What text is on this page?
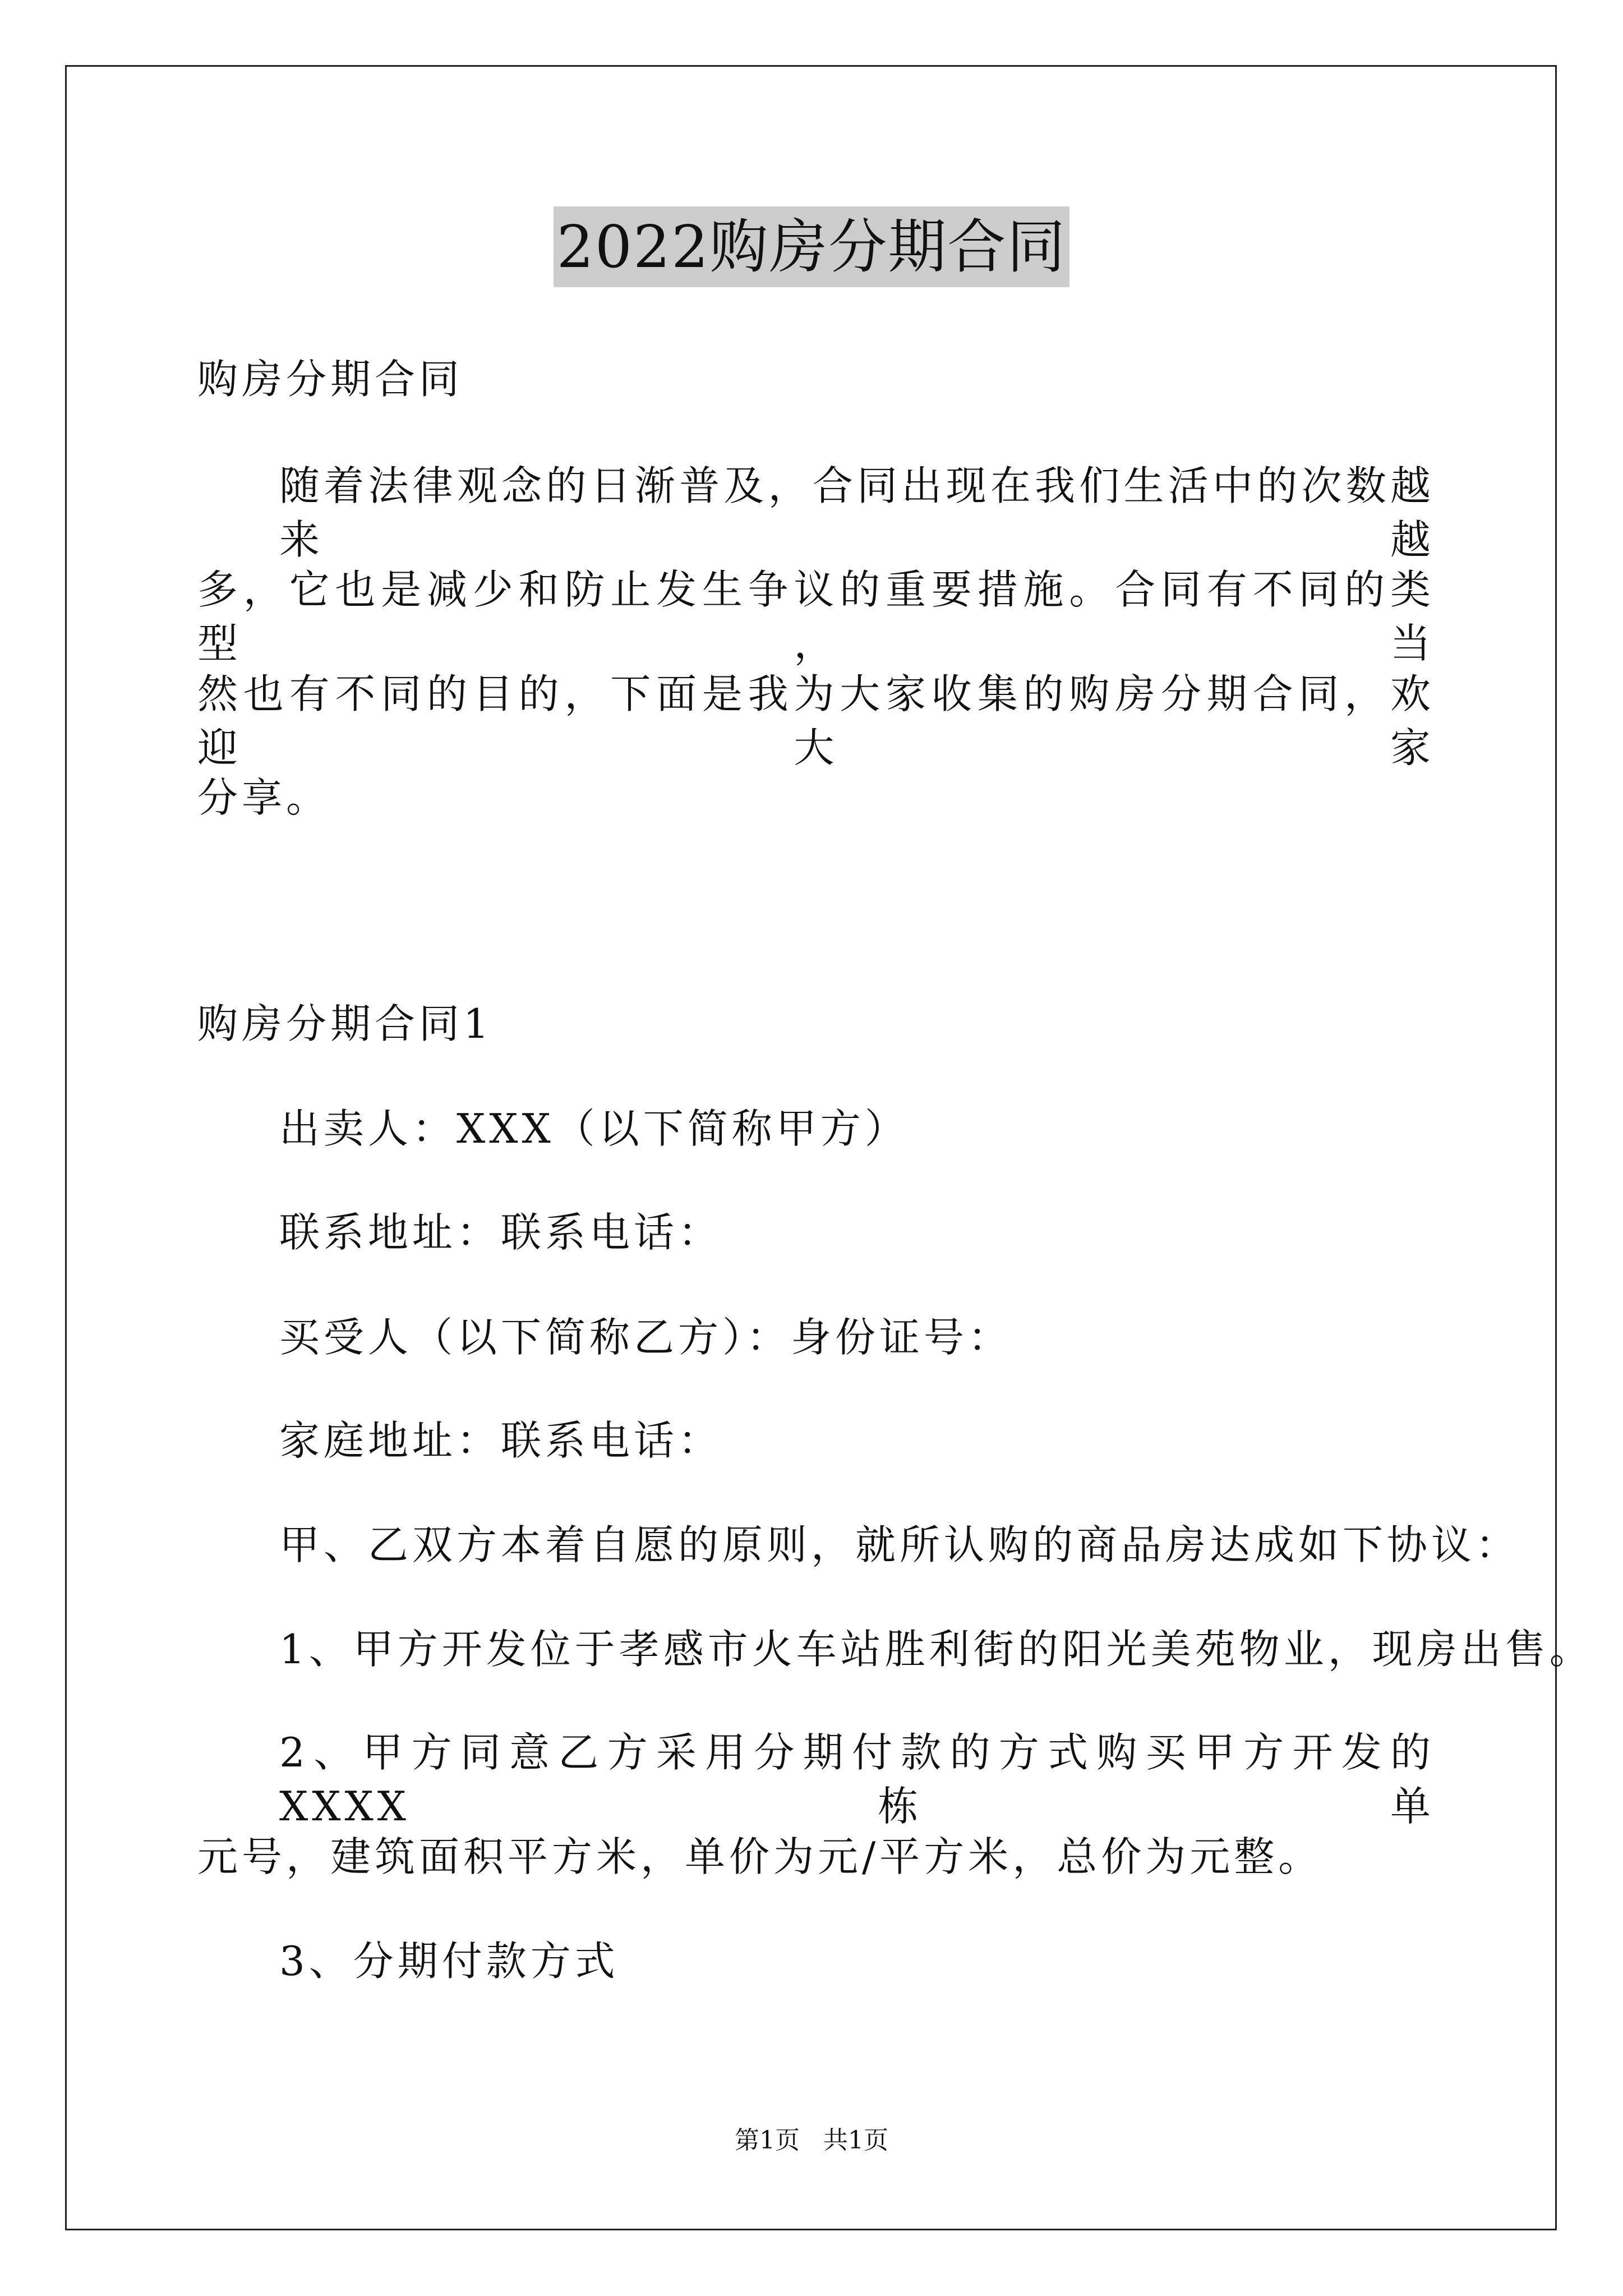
2022购房分期合同
购房分期合同
随着法律观念的日渐普及，合同出现在我们生活中的次数越来越
多，它也是减少和防止发生争议的重要措施。合同有不同的类型，当
然也有不同的目的，下面是我为大家收集的购房分期合同，欢迎大家
分享。
购房分期合同1
出卖人：XXX（以下简称甲方）
联系地址：联系电话：
买受人（以下简称乙方）：身份证号：
家庭地址：联系电话：
甲、乙双方本着自愿的原则，就所认购的商品房达成如下协议：
1、甲方开发位于孝感市火车站胜利街的阳光美苑物业，现房出售。
2、甲方同意乙方采用分期付款的方式购买甲方开发的XXXX栋单
元号，建筑面积平方米，单价为元/平方米，总价为元整。
3、分期付款方式
第1页 共1页
